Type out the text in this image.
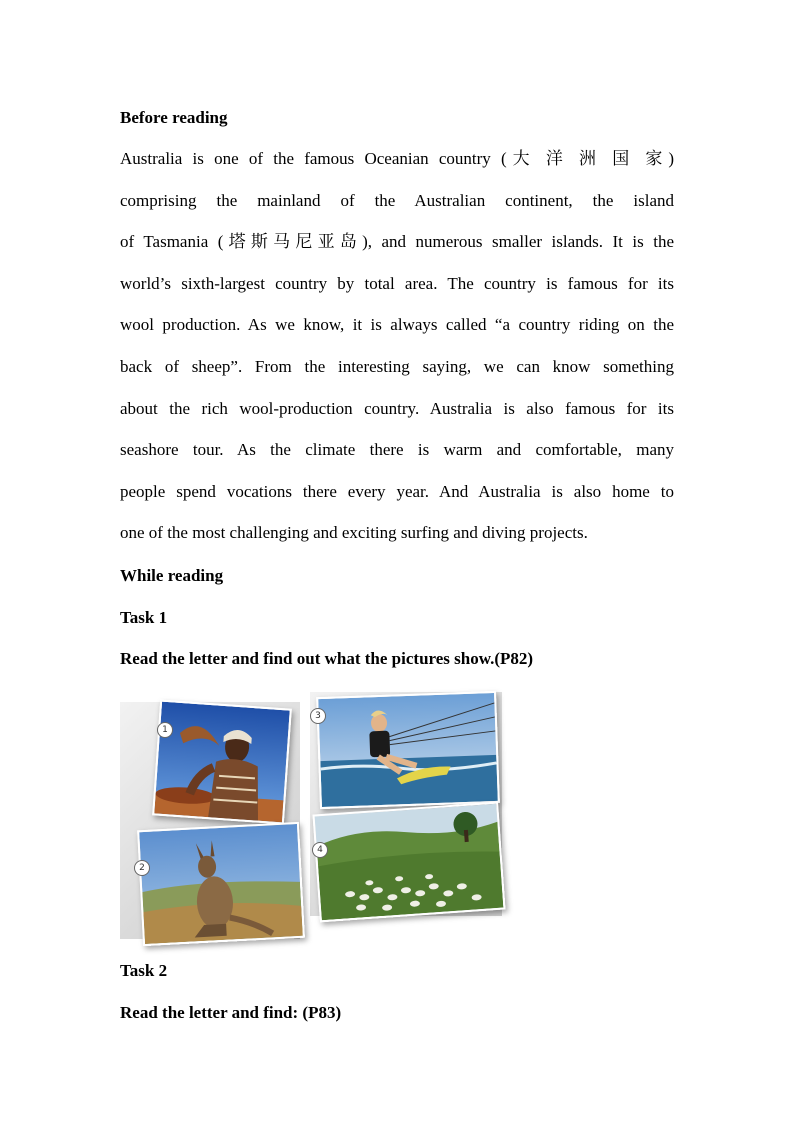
Before reading
Australia is one of the famous Oceanian country (大 洋 洲 国 家)
comprising the mainland of the Australian continent, the island
of Tasmania (塔斯马尼亚岛), and numerous smaller islands. It is the
world’s sixth-largest country by total area. The country is famous for its
wool production. As we know, it is always called “a country riding on the
back of sheep”. From the interesting saying, we can know something
about the rich wool-production country. Australia is also famous for its
seashore tour. As the climate there is warm and comfortable, many
people spend vocations there every year. And Australia is also home to
one of the most challenging and exciting surfing and diving projects.
While reading
Task 1
Read the letter and find out what the pictures show.(P82)
1
2
3
4
Task 2
Read the letter and find: (P83)
